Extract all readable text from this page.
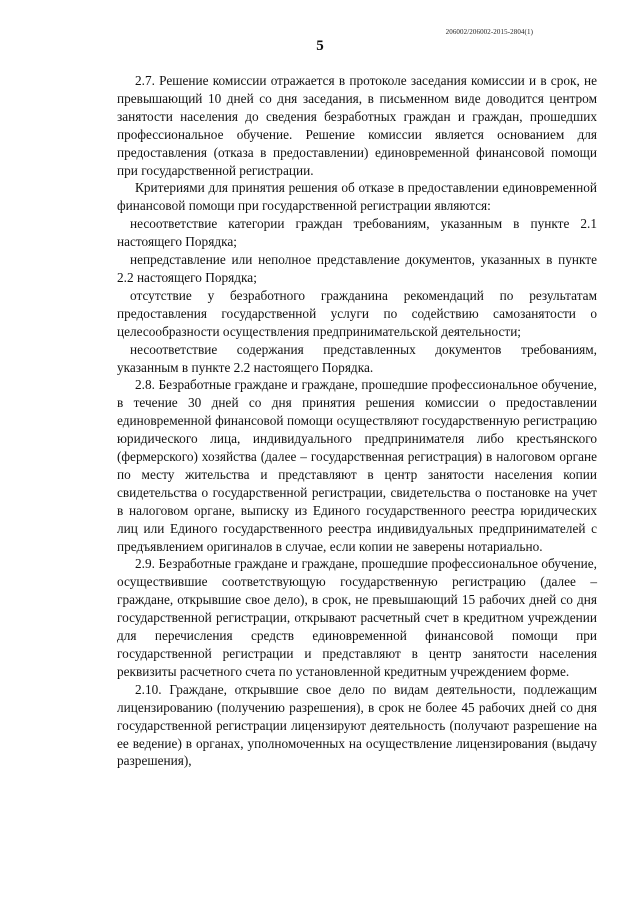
206002/206002-2015-2804(1)
5

2.7. Решение комиссии отражается в протоколе заседания комиссии и в срок, не превышающий 10 дней со дня заседания, в письменном виде доводится центром занятости населения до сведения безработных граждан и граждан, прошедших профессиональное обучение. Решение комиссии является основанием для предоставления (отказа в предоставлении) единовременной финансовой помощи при государственной регистрации.

Критериями для принятия решения об отказе в предоставлении единовременной финансовой помощи при государственной регистрации являются:

несоответствие категории граждан требованиям, указанным в пункте 2.1 настоящего Порядка;

непредставление или неполное представление документов, указанных в пункте 2.2 настоящего Порядка;

отсутствие у безработного гражданина рекомендаций по результатам предоставления государственной услуги по содействию самозанятости о целесообразности осуществления предпринимательской деятельности;

несоответствие содержания представленных документов требованиям, указанным в пункте 2.2 настоящего Порядка.

2.8. Безработные граждане и граждане, прошедшие профессиональное обучение, в течение 30 дней со дня принятия решения комиссии о предоставлении единовременной финансовой помощи осуществляют государственную регистрацию юридического лица, индивидуального предпринимателя либо крестьянского (фермерского) хозяйства (далее – государственная регистрация) в налоговом органе по месту жительства и представляют в центр занятости населения копии свидетельства о государственной регистрации, свидетельства о постановке на учет в налоговом органе, выписку из Единого государственного реестра юридических лиц или Единого государственного реестра индивидуальных предпринимателей с предъявлением оригиналов в случае, если копии не заверены нотариально.

2.9. Безработные граждане и граждане, прошедшие профессиональное обучение, осуществившие соответствующую государственную регистрацию (далее – граждане, открывшие свое дело), в срок, не превышающий 15 рабочих дней со дня государственной регистрации, открывают расчетный счет в кредитном учреждении для перечисления средств единовременной финансовой помощи при государственной регистрации и представляют в центр занятости населения реквизиты расчетного счета по установленной кредитным учреждением форме.

2.10. Граждане, открывшие свое дело по видам деятельности, подлежащим лицензированию (получению разрешения), в срок не более 45 рабочих дней со дня государственной регистрации лицензируют деятельность (получают разрешение на ее ведение) в органах, уполномоченных на осуществление лицензирования (выдачу разрешения),
